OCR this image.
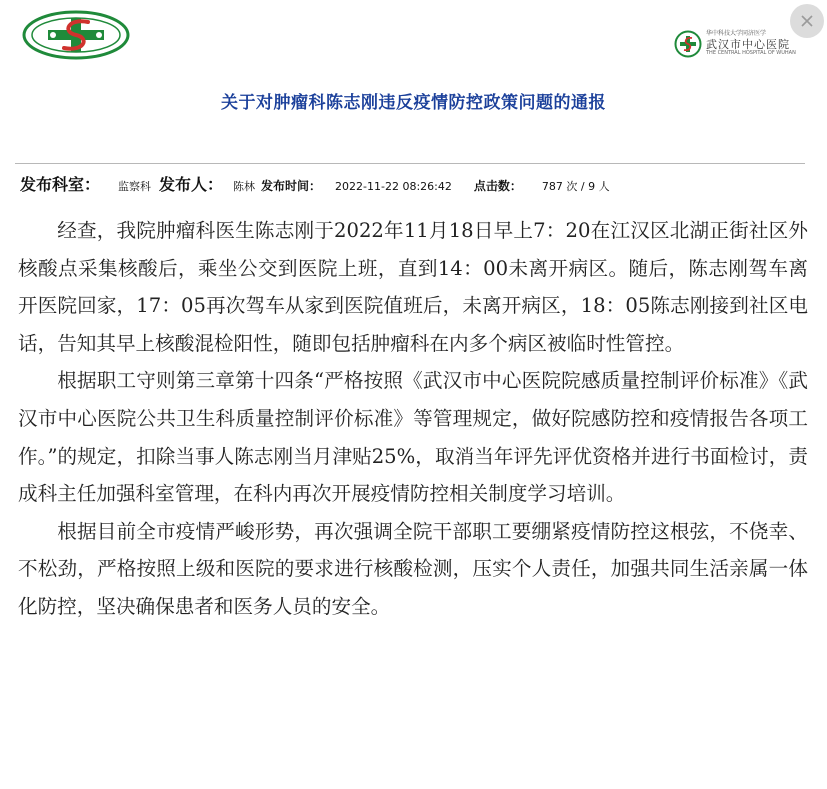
华中科技大学同济医学
武汉市中心医院
THE CENTRAL HOSPITAL OF WUHAN
关于对肿瘤科陈志刚违反疫情防控政策问题的通报
发布科室： 监察科 发布人： 陈林 发布时间： 2022-11-22 08:26:42 点击数： 787 次 / 9 人

经查，我院肿瘤科医生陈志刚于2022年11月18日早上7：20在江汉区北湖正街社区外核酸点采集核酸后，乘坐公交到医院上班，直到14：00未离开病区。随后，陈志刚驾车离开医院回家，17：05再次驾车从家到医院值班后，未离开病区，18：05陈志刚接到社区电话，告知其早上核酸混检阳性，随即包括肿瘤科在内多个病区被临时性管控。

根据职工守则第三章第十四条“严格按照《武汉市中心医院院感质量控制评价标准》《武汉市中心医院公共卫生科质量控制评价标准》等管理规定，做好院感防控和疫情报告各项工作。”的规定，扣除当事人陈志刚当月津贴25%，取消当年评先评优资格并进行书面检讨，责成科主任加强科室管理，在科内再次开展疫情防控相关制度学习培训。

根据目前全市疫情严峻形势，再次强调全院干部职工要绷紧疫情防控这根弦，不侥幸、不松劲，严格按照上级和医院的要求进行核酸检测，压实个人责任，加强共同生活亲属一体化防控，坚决确保患者和医务人员的安全。
